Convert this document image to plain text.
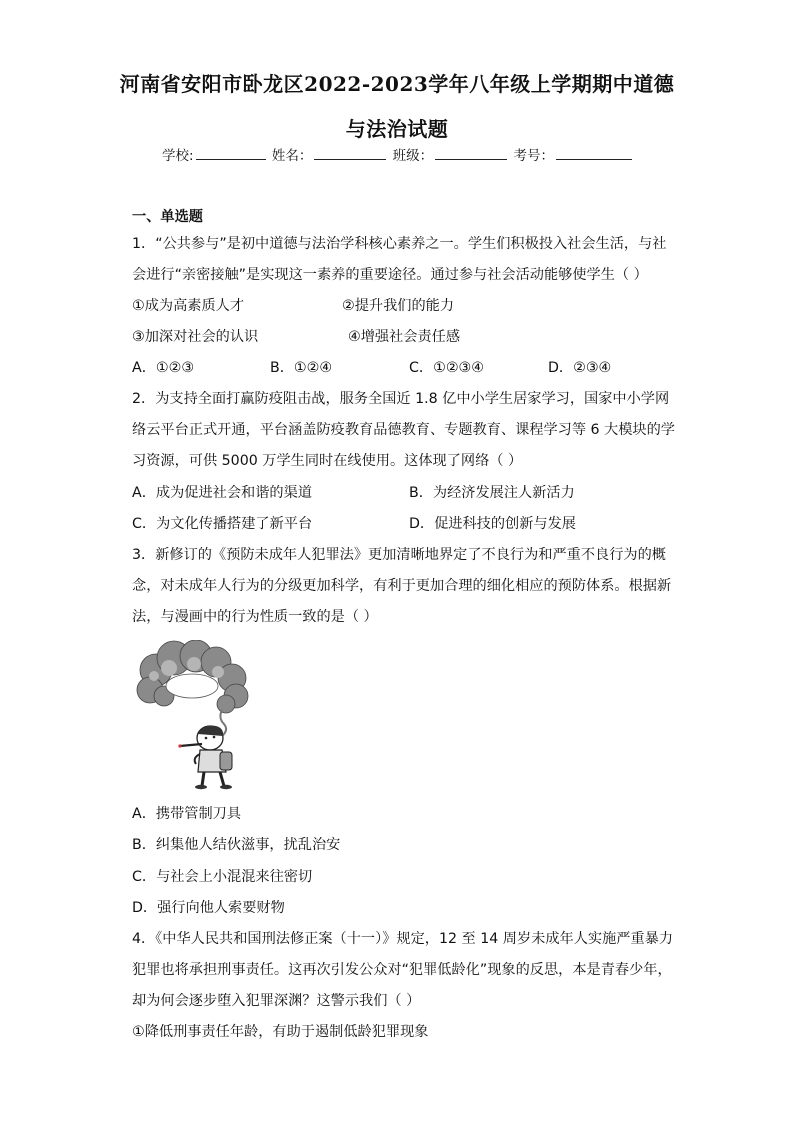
河南省安阳市卧龙区2022-2023学年八年级上学期期中道德
与法治试题
学校:	姓名：	班级：	考号：
一、单选题
1．“公共参与”是初中道德与法治学科核心素养之一。学生们积极投入社会生活，与社
会进行“亲密接触”是实现这一素养的重要途径。通过参与社会活动能够使学生（ ）
①成为高素质人才	②提升我们的能力
③加深对社会的认识	④增强社会责任感
A．①②③	B．①②④	C．①②③④	D．②③④
2．为支持全面打赢防疫阻击战，服务全国近 1.8 亿中小学生居家学习，国家中小学网
络云平台正式开通，平台涵盖防疫教育品德教育、专题教育、课程学习等 6 大模块的学
习资源，可供 5000 万学生同时在线使用。这体现了网络（ ）
A．成为促进社会和谐的渠道	B．为经济发展注人新活力
C．为文化传播搭建了新平台	D．促进科技的创新与发展
3．新修订的《预防未成年人犯罪法》更加清晰地界定了不良行为和严重不良行为的概
念，对未成年人行为的分级更加科学，有利于更加合理的细化相应的预防体系。根据新
法，与漫画中的行为性质一致的是（ ）
A．携带管制刀具
B．纠集他人结伙滋事，扰乱治安
C．与社会上小混混来往密切
D．强行向他人索要财物
4．《中华人民共和国刑法修正案（十一）》规定，12 至 14 周岁未成年人实施严重暴力
犯罪也将承担刑事责任。这再次引发公众对“犯罪低龄化”现象的反思，本是青春少年，
却为何会逐步堕入犯罪深渊？这警示我们（ ）
①降低刑事责任年龄，有助于遏制低龄犯罪现象
